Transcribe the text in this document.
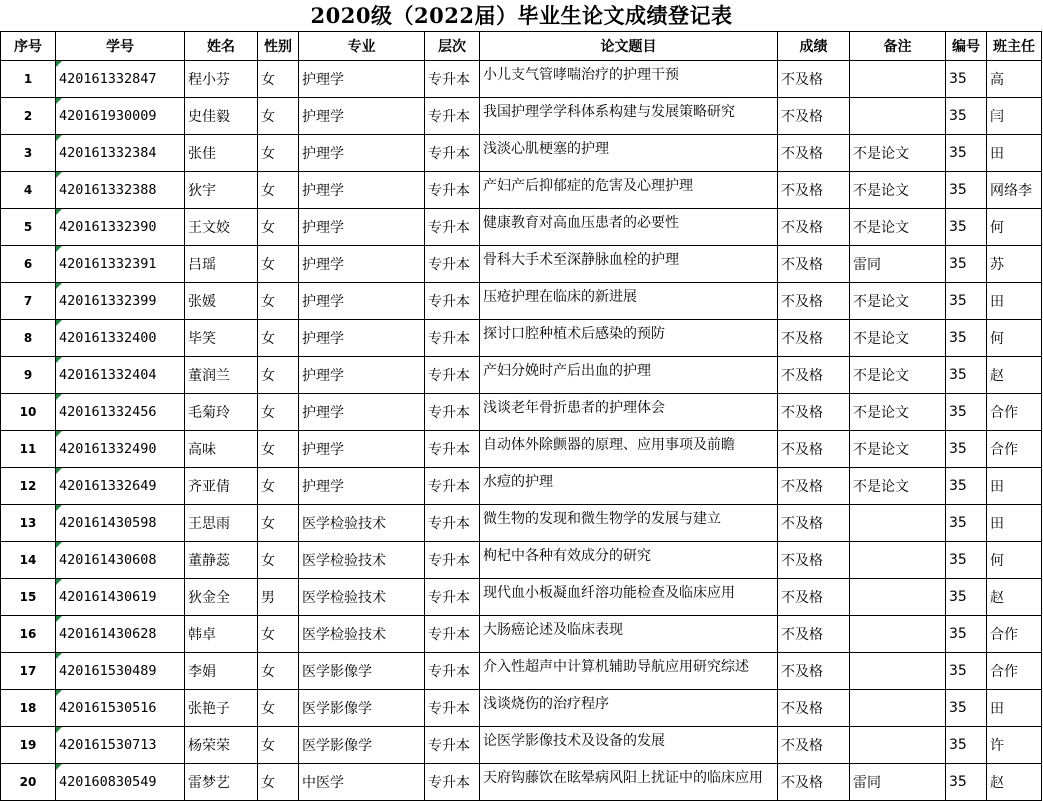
2020级（2022届）毕业生论文成绩登记表
序号	学号	姓名	性别	专业	层次	论文题目	成绩	备注	编号	班主任
1	420161332847	程小芬	女	护理学	专升本	小儿支气管哮喘治疗的护理干预	不及格		35	高
2	420161930009	史佳毅	女	护理学	专升本	我国护理学学科体系构建与发展策略研究	不及格		35	闫
3	420161332384	张佳	女	护理学	专升本	浅淡心肌梗塞的护理	不及格	不是论文	35	田
4	420161332388	狄宇	女	护理学	专升本	产妇产后抑郁症的危害及心理护理	不及格	不是论文	35	网络李
5	420161332390	王文姣	女	护理学	专升本	健康教育对高血压患者的必要性	不及格	不是论文	35	何
6	420161332391	吕瑶	女	护理学	专升本	骨科大手术至深静脉血栓的护理	不及格	雷同	35	苏
7	420161332399	张媛	女	护理学	专升本	压疮护理在临床的新进展	不及格	不是论文	35	田
8	420161332400	毕笑	女	护理学	专升本	探讨口腔种植术后感染的预防	不及格	不是论文	35	何
9	420161332404	董润兰	女	护理学	专升本	产妇分娩时产后出血的护理	不及格	不是论文	35	赵
10	420161332456	毛菊玲	女	护理学	专升本	浅谈老年骨折患者的护理体会	不及格	不是论文	35	合作
11	420161332490	高味	女	护理学	专升本	自动体外除颤器的原理、应用事项及前瞻	不及格	不是论文	35	合作
12	420161332649	齐亚倩	女	护理学	专升本	水痘的护理	不及格	不是论文	35	田
13	420161430598	王思雨	女	医学检验技术	专升本	微生物的发现和微生物学的发展与建立	不及格		35	田
14	420161430608	董静蕊	女	医学检验技术	专升本	枸杞中各种有效成分的研究	不及格		35	何
15	420161430619	狄金全	男	医学检验技术	专升本	现代血小板凝血纤溶功能检查及临床应用	不及格		35	赵
16	420161430628	韩卓	女	医学检验技术	专升本	大肠癌论述及临床表现	不及格		35	合作
17	420161530489	李娟	女	医学影像学	专升本	介入性超声中计算机辅助导航应用研究综述	不及格		35	合作
18	420161530516	张艳子	女	医学影像学	专升本	浅谈烧伤的治疗程序	不及格		35	田
19	420161530713	杨荣荣	女	医学影像学	专升本	论医学影像技术及设备的发展	不及格		35	许
20	420160830549	雷梦艺	女	中医学	专升本	天府钩藤饮在眩晕病风阳上扰证中的临床应用	不及格	雷同	35	赵
